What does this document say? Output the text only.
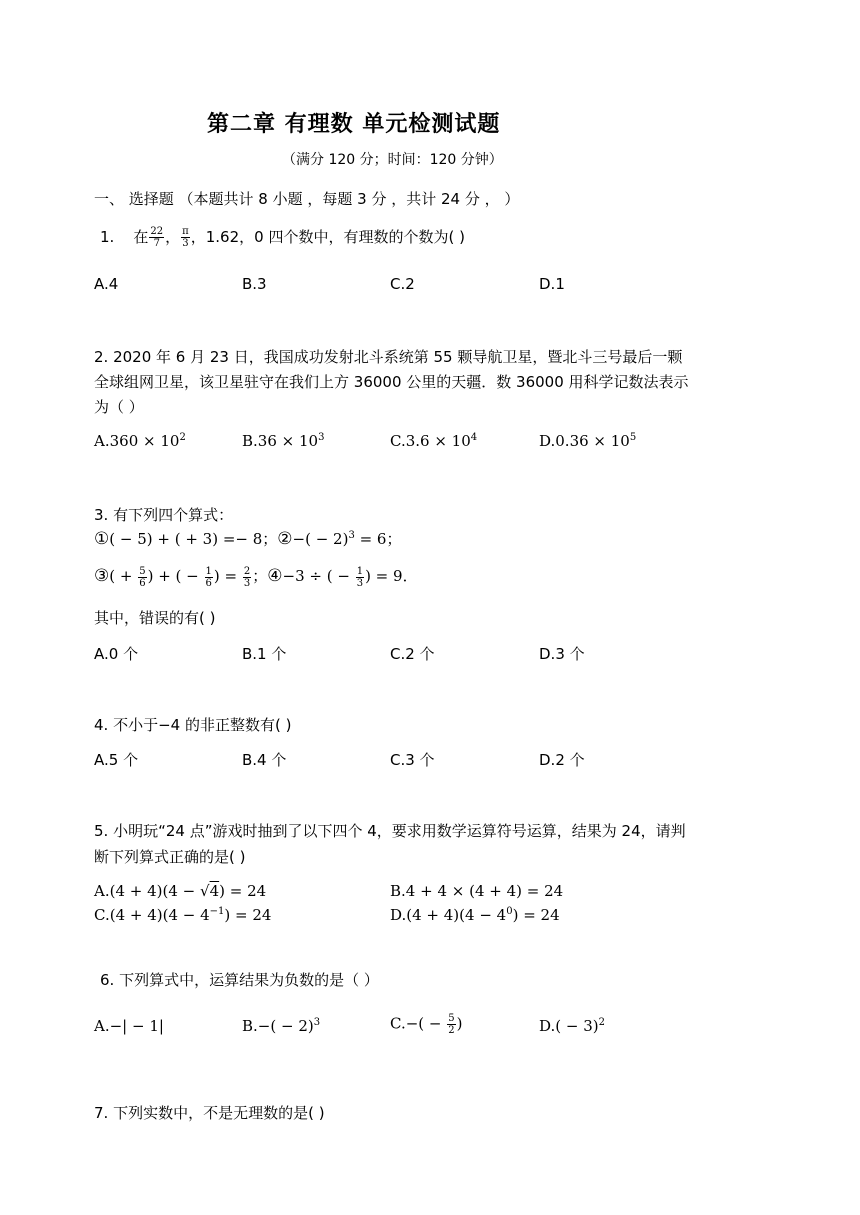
第二章 有理数 单元检测试题
（满分 120 分；时间：120 分钟）
一、 选择题 （本题共计 8 小题 ，每题 3 分 ，共计 24 分 ， ）
1. 在 $\frac{22}{7}$ ， $\frac{\pi}{3}$ ，1.62，0 四个数中，有理数的个数为( )
A.4	B.3	C.2	D.1
2. 2020 年 6 月 23 日，我国成功发射北斗系统第 55 颗导航卫星，暨北斗三号最后一颗
全球组网卫星，该卫星驻守在我们上方 36000 公里的天疆．数 36000 用科学记数法表示
为（ ）
$A.360 \times 10^2$	$B.36 \times 10^3$	$C.3.6 \times 10^4$	$D.0.36 \times 10^5$
3. 有下列四个算式：
①( − 5) + ( + 3) =− 8；②−( − 2)$^3$ = 6；
③( + $\frac{5}{6}$ ) + ( − $\frac{1}{6}$ ) = $\frac{2}{3}$ ；④−3 ÷ ( − $\frac{1}{3}$ ) = 9．
其中，错误的有( )
A.0 个	B.1 个	C.2 个	D.3 个
4. 不小于−4 的非正整数有( )
A.5 个	B.4 个	C.3 个	D.2 个
5. 小明玩“24 点”游戏时抽到了以下四个 4，要求用数学运算符号运算，结果为 24，请判
断下列算式正确的是( )
A.(4 + 4)(4 − √4) = 24	B.4 + 4 × (4 + 4) = 24
$C.(4 + 4)(4 - 4^{-1}) = 24$	$D.(4 + 4)(4 - 4^0) = 24$
6. 下列算式中，运算结果为负数的是（ ）
A.−| − 1|	$B.-( - 2)^3$	$C.-( - \frac{5}{2}$ )	$D.( - 3)^2$
7. 下列实数中，不是无理数的是( )
